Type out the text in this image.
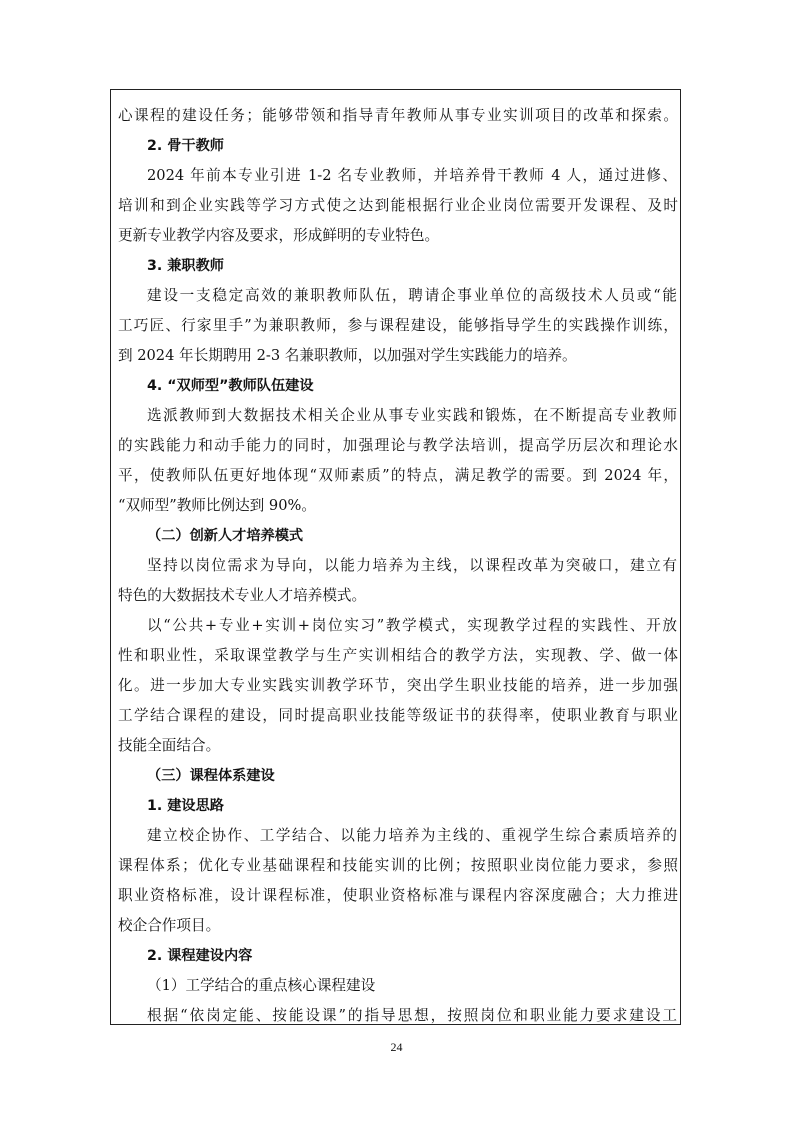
心课程的建设任务；能够带领和指导青年教师从事专业实训项目的改革和探索。
2. 骨干教师
2024 年前本专业引进 1-2 名专业教师，并培养骨干教师 4 人，通过进修、
培训和到企业实践等学习方式使之达到能根据行业企业岗位需要开发课程、及时
更新专业教学内容及要求，形成鲜明的专业特色。
3. 兼职教师
建设一支稳定高效的兼职教师队伍，聘请企事业单位的高级技术人员或“能
工巧匠、行家里手”为兼职教师，参与课程建设，能够指导学生的实践操作训练，
到 2024 年长期聘用 2-3 名兼职教师，以加强对学生实践能力的培养。
4. “双师型”教师队伍建设
选派教师到大数据技术相关企业从事专业实践和锻炼，在不断提高专业教师
的实践能力和动手能力的同时，加强理论与教学法培训，提高学历层次和理论水
平，使教师队伍更好地体现“双师素质”的特点，满足教学的需要。到 2024 年，
“双师型”教师比例达到 90%。
（二）创新人才培养模式
坚持以岗位需求为导向，以能力培养为主线，以课程改革为突破口，建立有
特色的大数据技术专业人才培养模式。
以“公共+专业+实训+岗位实习”教学模式，实现教学过程的实践性、开放
性和职业性，采取课堂教学与生产实训相结合的教学方法，实现教、学、做一体
化。进一步加大专业实践实训教学环节，突出学生职业技能的培养，进一步加强
工学结合课程的建设，同时提高职业技能等级证书的获得率，使职业教育与职业
技能全面结合。
（三）课程体系建设
1. 建设思路
建立校企协作、工学结合、以能力培养为主线的、重视学生综合素质培养的
课程体系；优化专业基础课程和技能实训的比例；按照职业岗位能力要求，参照
职业资格标准，设计课程标准，使职业资格标准与课程内容深度融合；大力推进
校企合作项目。
2. 课程建设内容
（1）工学结合的重点核心课程建设
根据“依岗定能、按能设课”的指导思想，按照岗位和职业能力要求建设工
24
